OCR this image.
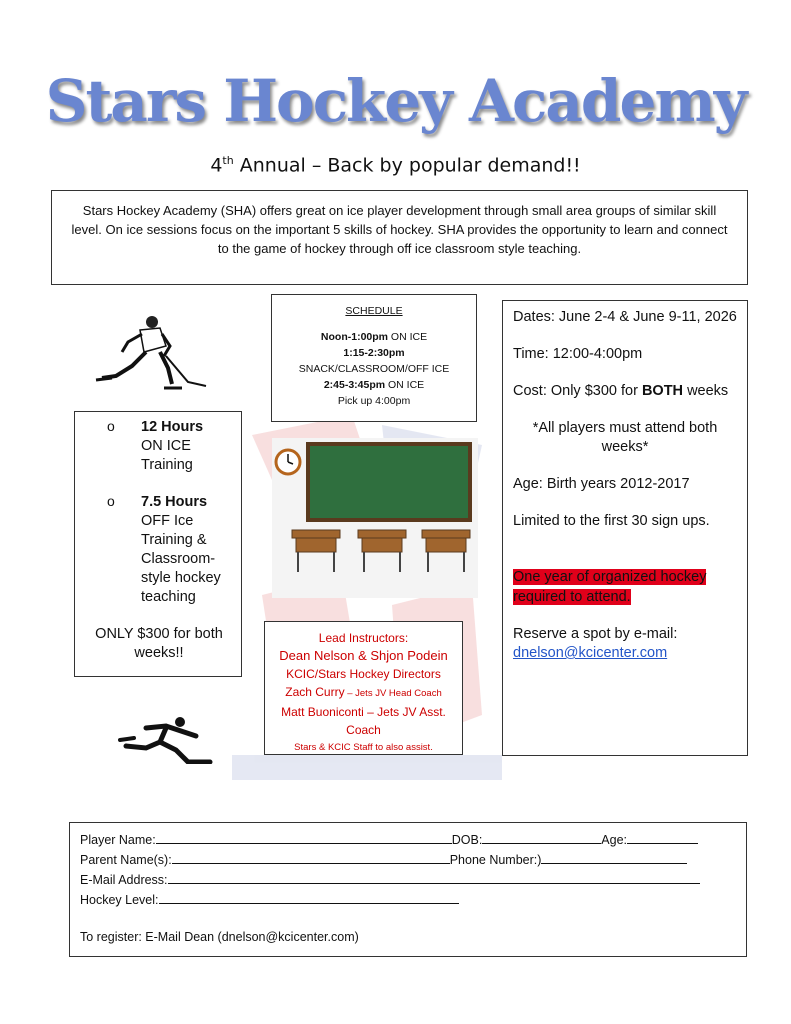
Stars Hockey Academy
4th Annual – Back by popular demand!!
Stars Hockey Academy (SHA) offers great on ice player development through small area groups of similar skill level. On ice sessions focus on the important 5 skills of hockey. SHA provides the opportunity to learn and connect to the game of hockey through off ice classroom style teaching.
SCHEDULE
Noon-1:00pm ON ICE
1:15-2:30pm
SNACK/CLASSROOM/OFF ICE
2:45-3:45pm ON ICE
Pick up 4:00pm
o 12 Hours
ON ICE Training
o 7.5 Hours
OFF Ice Training & Classroom-style hockey teaching
ONLY $300 for both weeks!!
Lead Instructors:
Dean Nelson & Shjon Podein
KCIC/Stars Hockey Directors
Zach Curry – Jets JV Head Coach
Matt Buoniconti – Jets JV Asst. Coach
Stars & KCIC Staff to also assist.

Dates: June 2-4 & June 9-11, 2026

Time: 12:00-4:00pm

Cost: Only $300 for BOTH weeks

*All players must attend both weeks*

Age: Birth years 2012-2017

Limited to the first 30 sign ups.

One year of organized hockey required to attend.

Reserve a spot by e-mail:
dnelson@kcicenter.com

Player Name:	DOB:	Age:
Parent Name(s):	Phone Number:)
E-Mail Address:
Hockey Level:
To register: E-Mail Dean (dnelson@kcicenter.com)
